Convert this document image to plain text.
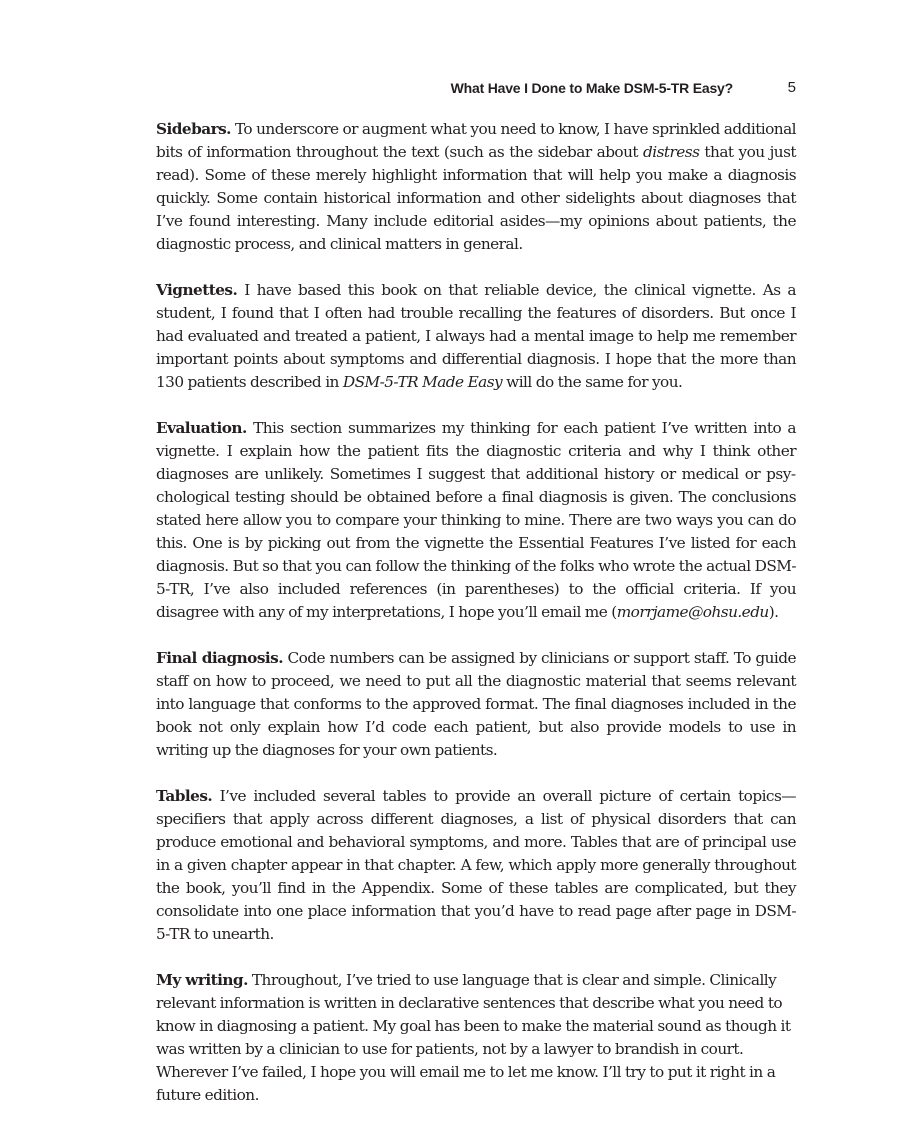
What Have I Done to Make DSM-5-TR Easy?	5

Sidebars. To underscore or augment what you need to know, I have sprinkled additional bits of information throughout the text (such as the sidebar about distress that you just read). Some of these merely highlight information that will help you make a diagnosis quickly. Some contain historical information and other sidelights about diagnoses that I’ve found interesting. Many include editorial asides—my opinions about patients, the diagnostic process, and clinical matters in general.

Vignettes. I have based this book on that reliable device, the clinical vignette. As a student, I found that I often had trouble recalling the features of disorders. But once I had evaluated and treated a patient, I always had a mental image to help me remember important points about symptoms and differential diagnosis. I hope that the more than 130 patients described in DSM-5-TR Made Easy will do the same for you.

Evaluation. This section summarizes my thinking for each patient I’ve written into a vignette. I explain how the patient fits the diagnostic criteria and why I think other diagnoses are unlikely. Sometimes I suggest that additional history or medical or psychological testing should be obtained before a final diagnosis is given. The conclusions stated here allow you to compare your thinking to mine. There are two ways you can do this. One is by picking out from the vignette the Essential Features I’ve listed for each diagnosis. But so that you can follow the thinking of the folks who wrote the actual DSM-5-TR, I’ve also included references (in parentheses) to the official criteria. If you disagree with any of my interpretations, I hope you’ll email me (morrjame@ohsu.edu).

Final diagnosis. Code numbers can be assigned by clinicians or support staff. To guide staff on how to proceed, we need to put all the diagnostic material that seems relevant into language that conforms to the approved format. The final diagnoses included in the book not only explain how I’d code each patient, but also provide models to use in writing up the diagnoses for your own patients.

Tables. I’ve included several tables to provide an overall picture of certain topics—specifiers that apply across different diagnoses, a list of physical disorders that can produce emotional and behavioral symptoms, and more. Tables that are of principal use in a given chapter appear in that chapter. A few, which apply more generally throughout the book, you’ll find in the Appendix. Some of these tables are complicated, but they consolidate into one place information that you’d have to read page after page in DSM-5-TR to unearth.

My writing. Throughout, I’ve tried to use language that is clear and simple. Clinically relevant information is written in declarative sentences that describe what you need to know in diagnosing a patient. My goal has been to make the material sound as though it was written by a clinician to use for patients, not by a lawyer to brandish in court. Wherever I’ve failed, I hope you will email me to let me know. I’ll try to put it right in a future edition.
